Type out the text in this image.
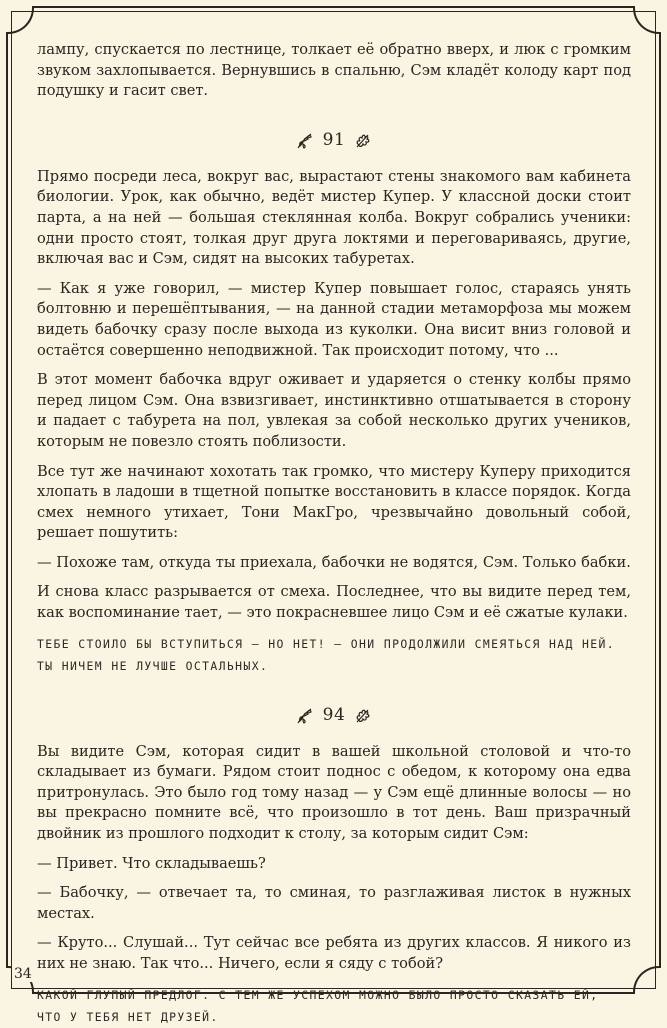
лампу, спускается по лестнице, толкает её обратно вверх, и люк с громким звуком захлопывается. Вернувшись в спальню, Сэм кладёт колоду карт под подушку и гасит свет.

91

Прямо посреди леса, вокруг вас, вырастают стены знакомого вам кабинета биологии. Урок, как обычно, ведёт мистер Купер. У классной доски стоит парта, а на ней — большая стеклянная колба. Вокруг собрались ученики: одни просто стоят, толкая друг друга локтями и переговариваясь, другие, включая вас и Сэм, сидят на высоких табуретах.

— Как я уже говорил, — мистер Купер повышает голос, стараясь унять болтовню и перешёптывания, — на данной стадии метаморфоза мы можем видеть бабочку сразу после выхода из куколки. Она висит вниз головой и остаётся совершенно неподвижной. Так происходит потому, что ...

В этот момент бабочка вдруг оживает и ударяется о стенку колбы прямо перед лицом Сэм. Она взвизгивает, инстинктивно отшатывается в сторону и падает с табурета на пол, увлекая за собой несколько других учеников, которым не повезло стоять поблизости.

Все тут же начинают хохотать так громко, что мистеру Куперу приходится хлопать в ладоши в тщетной попытке восстановить в классе порядок. Когда смех немного утихает, Тони МакГро, чрезвычайно довольный собой, решает пошутить:

— Похоже там, откуда ты приехала, бабочки не водятся, Сэм. Только бабки.

И снова класс разрывается от смеха. Последнее, что вы видите перед тем, как воспоминание тает, — это покрасневшее лицо Сэм и её сжатые кулаки.

ТЕБЕ СТОИЛО БЫ ВСТУПИТЬСЯ — НО НЕТ! — ОНИ ПРОДОЛЖИЛИ СМЕЯТЬСЯ НАД НЕЙ. ТЫ НИЧЕМ НЕ ЛУЧШЕ ОСТАЛЬНЫХ.
94

Вы видите Сэм, которая сидит в вашей школьной столовой и что-то складывает из бумаги. Рядом стоит поднос с обедом, к которому она едва притронулась. Это было год тому назад — у Сэм ещё длинные волосы — но вы прекрасно помните всё, что произошло в тот день. Ваш призрачный двойник из прошлого подходит к столу, за которым сидит Сэм:

— Привет. Что складываешь?

— Бабочку, — отвечает та, то сминая, то разглаживая листок в нужных местах.

— Круто... Слушай... Тут сейчас все ребята из других классов. Я никого из них не знаю. Так что... Ничего, если я сяду с тобой?

КАКОЙ ГЛУПЫЙ ПРЕДЛОГ. С ТЕМ ЖЕ УСПЕХОМ МОЖНО БЫЛО ПРОСТО СКАЗАТЬ ЕЙ, ЧТО У ТЕБЯ НЕТ ДРУЗЕЙ.
34
